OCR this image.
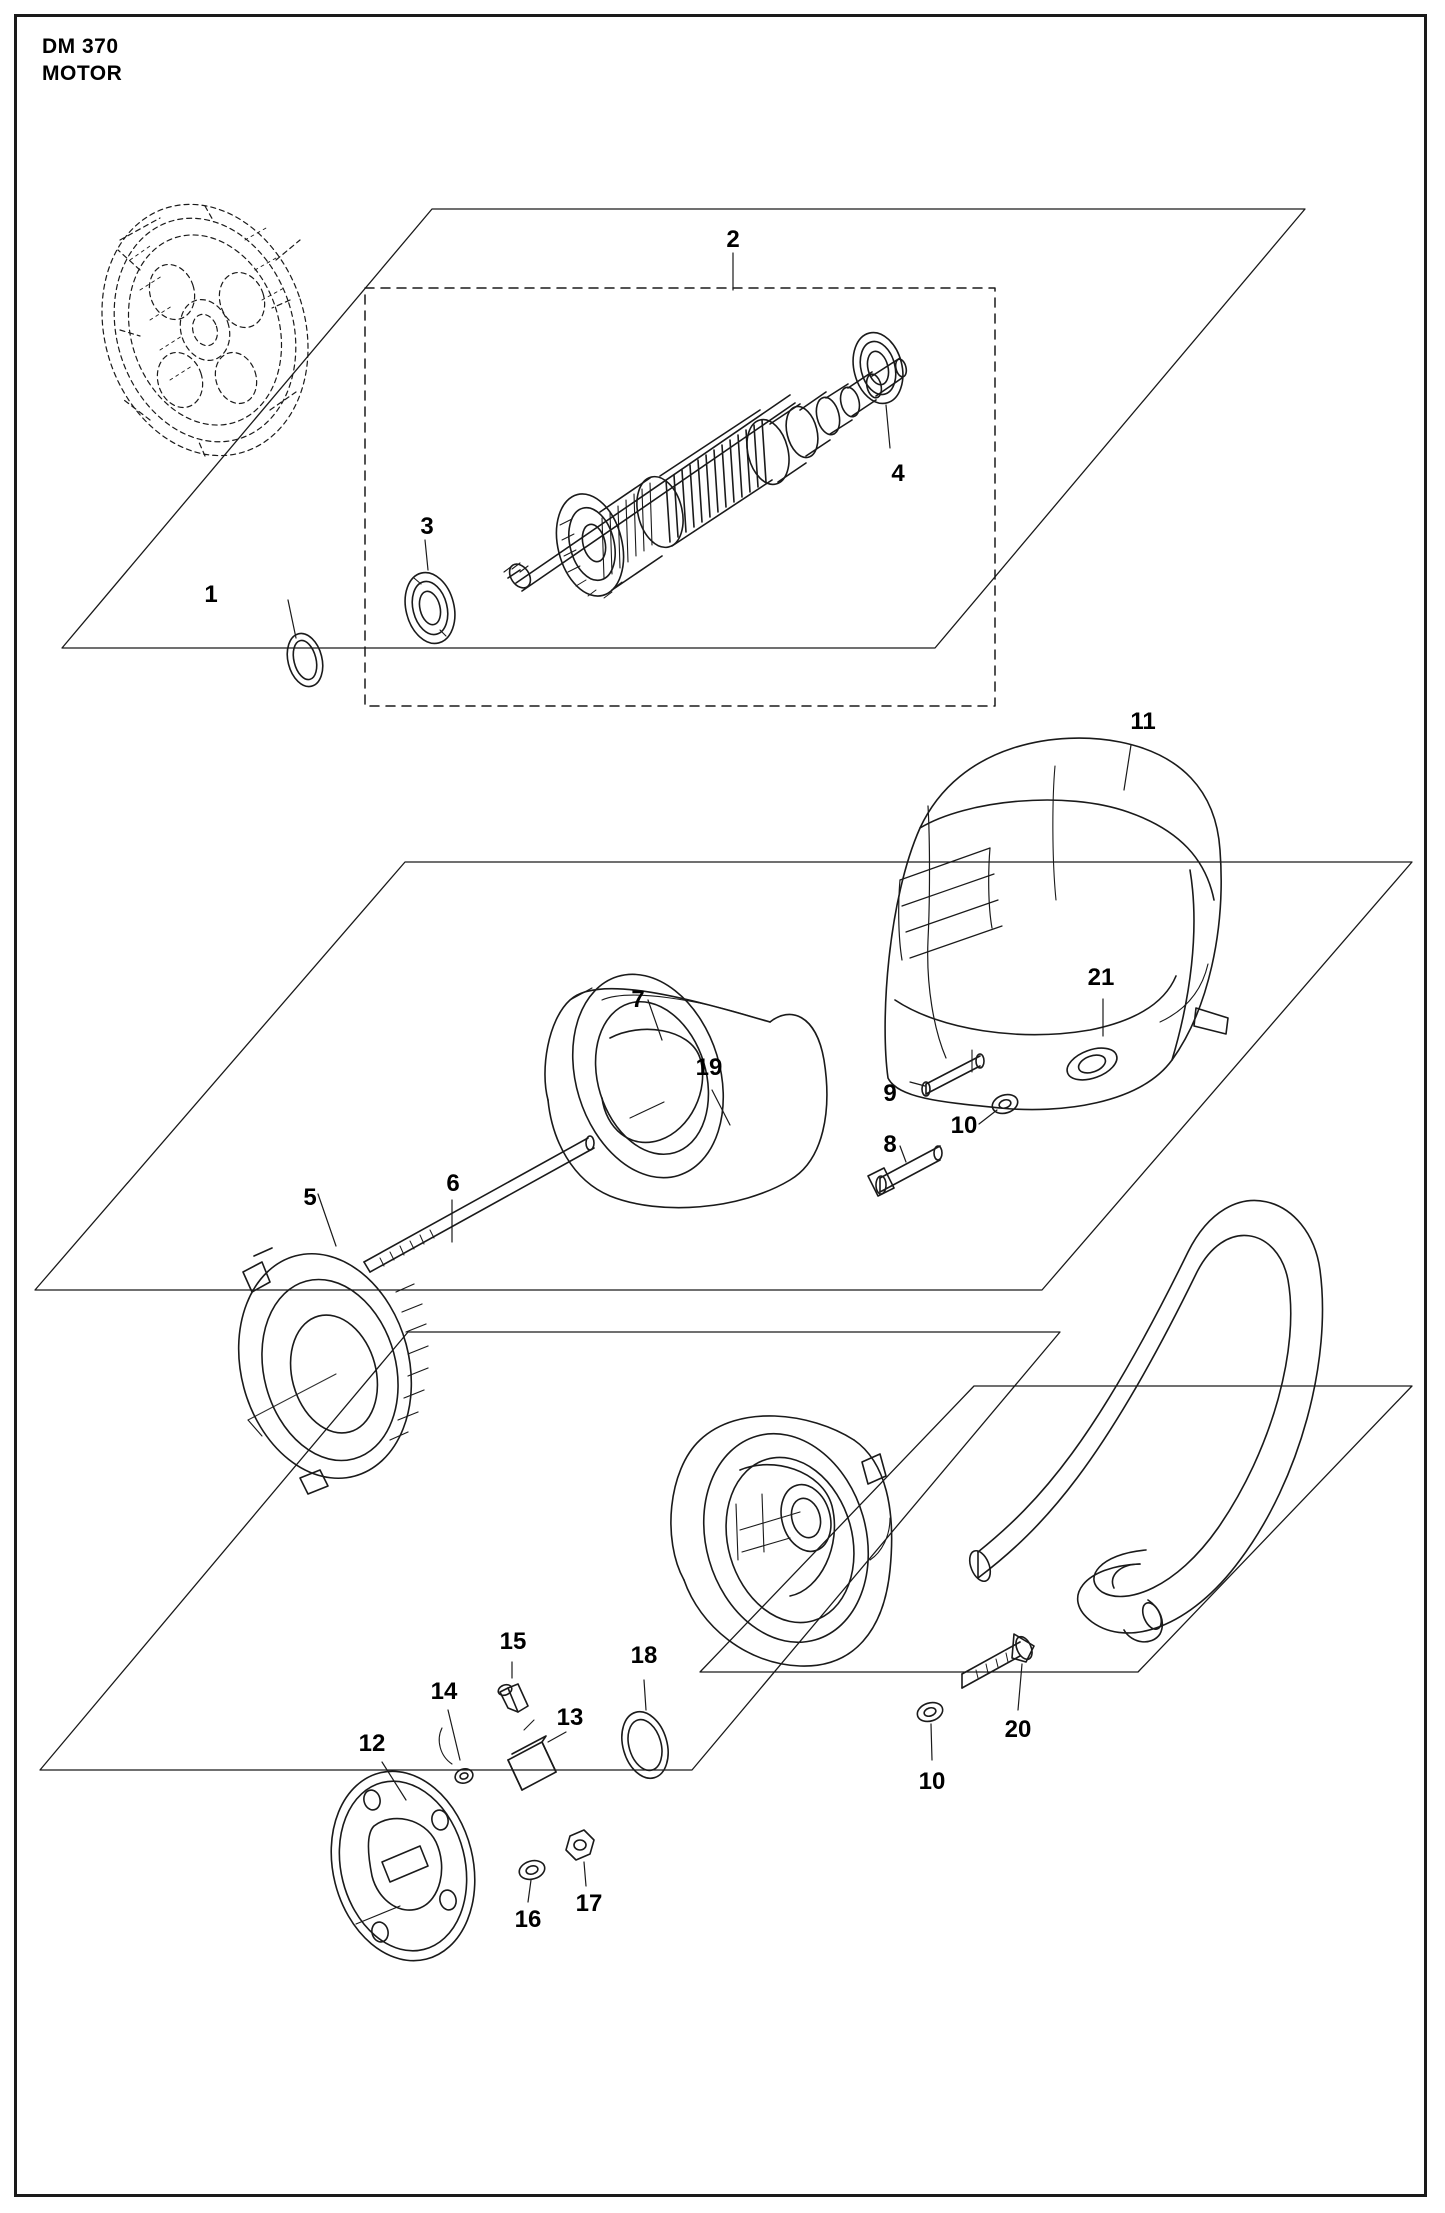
DM 370
MOTOR
1
2
3
4
5
6
7
8
9
10
11
12
13
14
15
16
17
18
19
20
21
10
